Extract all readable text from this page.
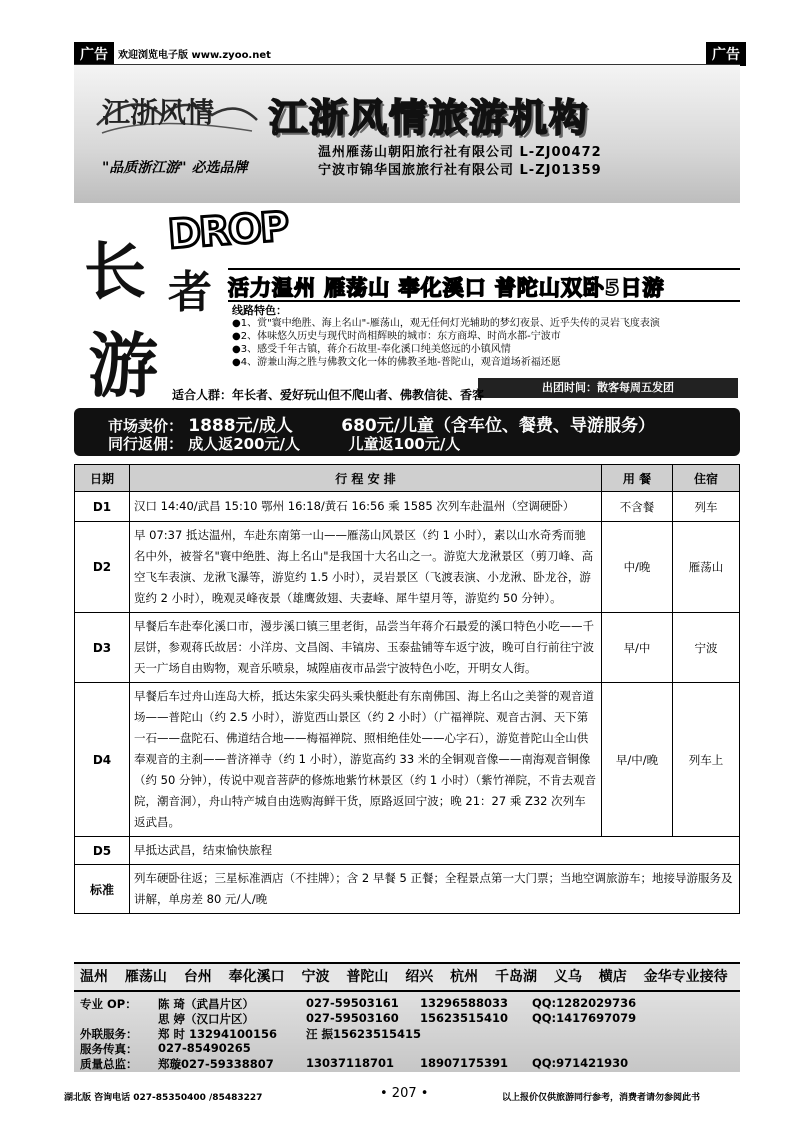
广告	欢迎浏览电子版 www.zyoo.net	广告
江浙风情
"品质浙江游" 必选品牌
江浙风情旅游机构
温州雁荡山朝阳旅行社有限公司 L-ZJ00472
宁波市锦华国旅旅行社有限公司 L-ZJ01359
DROP
长 者
游
活力温州 雁荡山 奉化溪口 普陀山双卧5日游
线路特色：
●1、赏"寰中绝胜、海上名山"-雁荡山，观无任何灯光辅助的梦幻夜景、近乎失传的灵岩飞度表演
●2、体味悠久历史与现代时尚相辉映的城市：东方商埠、时尚水都-宁波市
●3、感受千年古镇，蒋介石故里-奉化溪口纯美悠远的小镇风情
●4、游兼山海之胜与佛教文化一体的佛教圣地-普陀山，观音道场祈福还愿
出团时间：散客每周五发团
适合人群：年长者、爱好玩山但不爬山者、佛教信徒、香客
市场卖价： 1888元/成人	680元/儿童（含车位、餐费、导游服务）
同行返佣： 成人返200元/人	儿童返100元/人
日期	行 程 安 排	用 餐	住宿
D1	汉口 14:40/武昌 15:10 鄂州 16:18/黄石 16:56 乘 1585 次列车赴温州（空调硬卧）	不含餐	列车
D2	早 07:37 抵达温州，车赴东南第一山——雁荡山风景区（约 1 小时），素以山水奇秀而驰名中外，被誉名"寰中绝胜、海上名山"是我国十大名山之一。游览大龙湫景区（剪刀峰、高空飞车表演、龙湫飞瀑等，游览约 1.5 小时），灵岩景区（飞渡表演、小龙湫、卧龙谷，游览约 2 小时），晚观灵峰夜景（雄鹰敛翅、夫妻峰、犀牛望月等，游览约 50 分钟）。	中/晚	雁荡山
D3	早餐后车赴奉化溪口市，漫步溪口镇三里老街，品尝当年蒋介石最爱的溪口特色小吃——千层饼，参观蒋氏故居：小洋房、文昌阁、丰镐房、玉泰盐铺等车返宁波，晚可自行前往宁波天一广场自由购物，观音乐喷泉，城隍庙夜市品尝宁波特色小吃，开明女人街。	早/中	宁波
D4	早餐后车过舟山连岛大桥，抵达朱家尖码头乘快艇赴有东南佛国、海上名山之美誉的观音道场——普陀山（约 2.5 小时），游览西山景区（约 2 小时）（广福禅院、观音古洞、天下第一石——盘陀石、佛道结合地——梅福禅院、照相绝佳处——心字石），游览普陀山全山供奉观音的主刹——普济禅寺（约 1 小时），游览高约 33 米的全铜观音像——南海观音铜像（约 50 分钟），传说中观音菩萨的修炼地紫竹林景区（约 1 小时）（紫竹禅院，不肯去观音院，潮音洞），舟山特产城自由选购海鲜干货，原路返回宁波；晚 21：27 乘 Z32 次列车返武昌。	早/中/晚	列车上
D5	早抵达武昌，结束愉快旅程		
标准	列车硬卧往返；三星标准酒店（不挂牌）；含 2 早餐 5 正餐；全程景点第一大门票；当地空调旅游车；地接导游服务及讲解，单房差 80 元/人/晚		
温州 雁荡山 台州 奉化溪口 宁波 普陀山 绍兴 杭州 千岛湖 义乌 横店 金华专业接待
专业 OP： 陈 琦（武昌片区）	027-59503161 13296588033 QQ:1282029736
思 婷（汉口片区）	027-59503160 15623515410 QQ:1417697079
外联服务： 郑 时 13294100156	汪 振15623515415
服务传真： 027-85490265
质量总监： 郑璇027-59338807	13037118701 18907175391 QQ:971421930
湖北版 咨询电话 027-85350400 /85483227	• 207 •	以上报价仅供旅游同行参考，消费者请勿参阅此书
